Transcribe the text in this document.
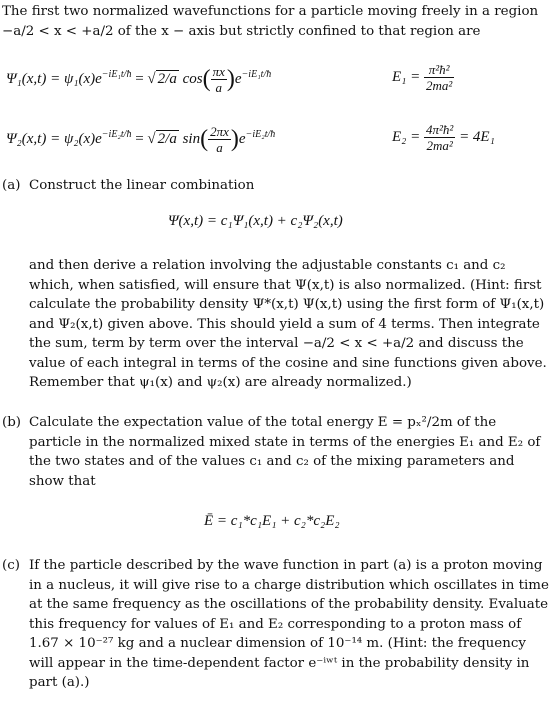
The first two normalized wavefunctions for a particle moving freely in a region −a/2 < x < +a/2 of the x − axis but strictly confined to that region are
$\Psi_1(x,t) = \psi_1(x)e^{-iE_1t/ħ}$ = √ 2/a $\cos( \frac{\pi x}{a} )e^{-iE_1t/ħ}$	$E_1 = \frac{\text{π²ħ²}}{\text{2ma²}}$
$\Psi_2(x,t) = \psi_2(x)e^{-iE_2t/ħ}$ = √ 2/a $\sin( \frac{2\pi x}{a} )e^{-iE_2t/ħ}$	$E_2 = \frac{\text{4π²ħ²}}{\text{2ma²}} = 4E_1$
(a) Construct the linear combination
Ψ(x,t) = c₁Ψ₁(x,t) + c₂Ψ₂(x,t)
and then derive a relation involving the adjustable constants c₁ and c₂ which, when satisfied, will ensure that Ψ(x,t) is also normalized. (Hint: first calculate the probability density Ψ*(x,t) Ψ(x,t) using the first form of Ψ₁(x,t) and Ψ₂(x,t) given above. This should yield a sum of 4 terms. Then integrate the sum, term by term over the interval −a/2 < x < +a/2 and discuss the value of each integral in terms of the cosine and sine functions given above. Remember that ψ₁(x) and ψ₂(x) are already normalized.)
(b) Calculate the expectation value of the total energy E = pₓ²/2m of the particle in the normalized mixed state in terms of the energies E₁ and E₂ of the two states and of the values c₁ and c₂ of the mixing parameters and show that
Ē = c₁*c₁E₁ + c₂*c₂E₂
(c) If the particle described by the wave function in part (a) is a proton moving in a nucleus, it will give rise to a charge distribution which oscillates in time at the same frequency as the oscillations of the probability density. Evaluate this frequency for values of E₁ and E₂ corresponding to a proton mass of 1.67 × 10⁻²⁷ kg and a nuclear dimension of 10⁻¹⁴ m. (Hint: the frequency will appear in the time-dependent factor e⁻ⁱʷᵗ in the probability density in part (a).)
